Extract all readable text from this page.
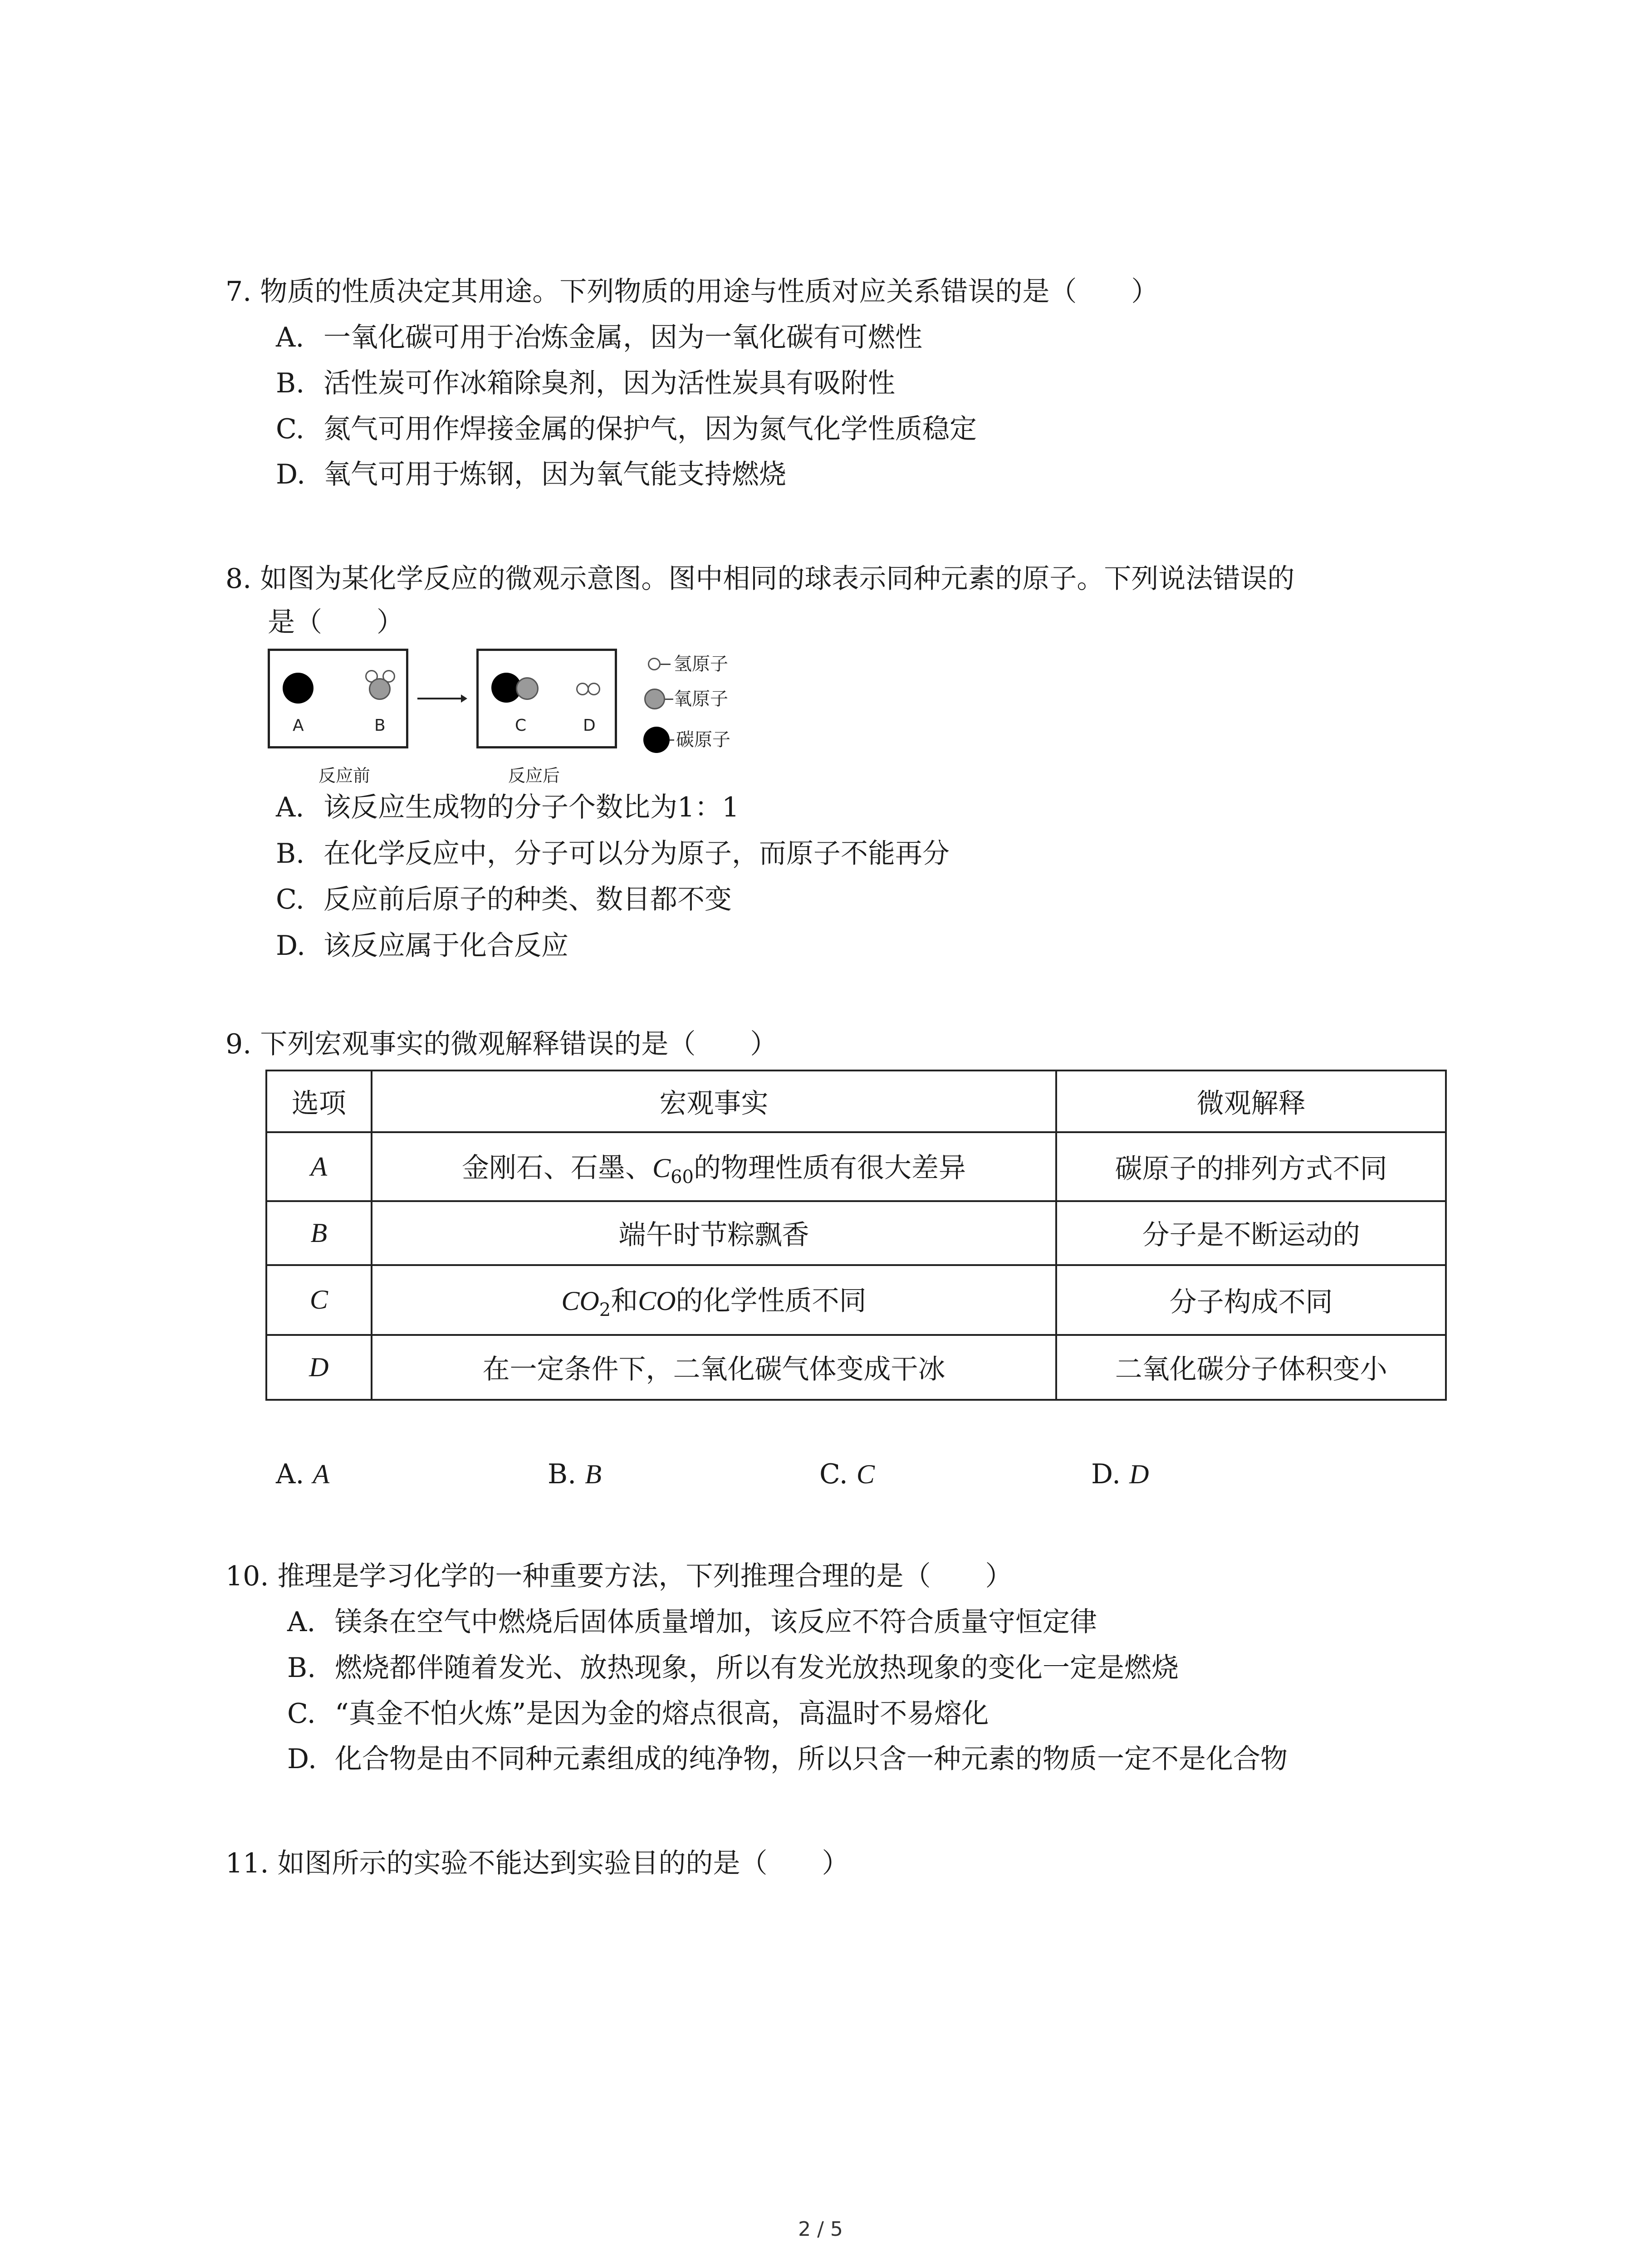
7. 物质的性质决定其用途。下列物质的用途与性质对应关系错误的是（　　）
A. 一氧化碳可用于冶炼金属，因为一氧化碳有可燃性
B. 活性炭可作冰箱除臭剂，因为活性炭具有吸附性
C. 氮气可用作焊接金属的保护气，因为氮气化学性质稳定
D. 氧气可用于炼钢，因为氧气能支持燃烧
8. 如图为某化学反应的微观示意图。图中相同的球表示同种元素的原子。下列说法错误的
是（　　）
A	B	C	D
氢原子
氧原子
碳原子
反应前	反应后
A. 该反应生成物的分子个数比为1：1
B. 在化学反应中，分子可以分为原子，而原子不能再分
C. 反应前后原子的种类、数目都不变
D. 该反应属于化合反应
9. 下列宏观事实的微观解释错误的是（　　）
选项	宏观事实	微观解释
A	金刚石、石墨、$C_{60}$的物理性质有很大差异	碳原子的排列方式不同
B	端午时节粽飘香	分子是不断运动的
C	$CO_2$和CO的化学性质不同	分子构成不同
D	在一定条件下，二氧化碳气体变成干冰	二氧化碳分子体积变小
A. A	B. B	C. C	D. D
10. 推理是学习化学的一种重要方法，下列推理合理的是（　　）
A. 镁条在空气中燃烧后固体质量增加，该反应不符合质量守恒定律
B. 燃烧都伴随着发光、放热现象，所以有发光放热现象的变化一定是燃烧
C. “真金不怕火炼”是因为金的熔点很高，高温时不易熔化
D. 化合物是由不同种元素组成的纯净物，所以只含一种元素的物质一定不是化合物
11. 如图所示的实验不能达到实验目的的是（　　）
2 / 5
